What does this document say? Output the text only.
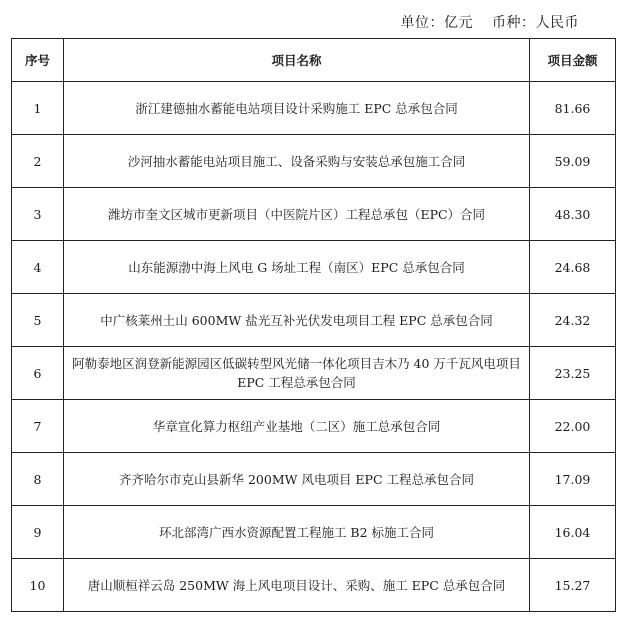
单位：亿元 币种：人民币
序号	项目名称	项目金额
1	浙江建德抽水蓄能电站项目设计采购施工 EPC 总承包合同	81.66
2	沙河抽水蓄能电站项目施工、设备采购与安装总承包施工合同	59.09
3	潍坊市奎文区城市更新项目（中医院片区）工程总承包（EPC）合同	48.30
4	山东能源渤中海上风电 G 场址工程（南区）EPC 总承包合同	24.68
5	中广核莱州土山 600MW 盐光互补光伏发电项目工程 EPC 总承包合同	24.32
6	阿勒泰地区润登新能源园区低碳转型风光储一体化项目吉木乃 40 万千瓦风电项目 EPC 工程总承包合同	23.25
7	华章宣化算力枢纽产业基地（二区）施工总承包合同	22.00
8	齐齐哈尔市克山县新华 200MW 风电项目 EPC 工程总承包合同	17.09
9	环北部湾广西水资源配置工程施工 B2 标施工合同	16.04
10	唐山顺桓祥云岛 250MW 海上风电项目设计、采购、施工 EPC 总承包合同	15.27
